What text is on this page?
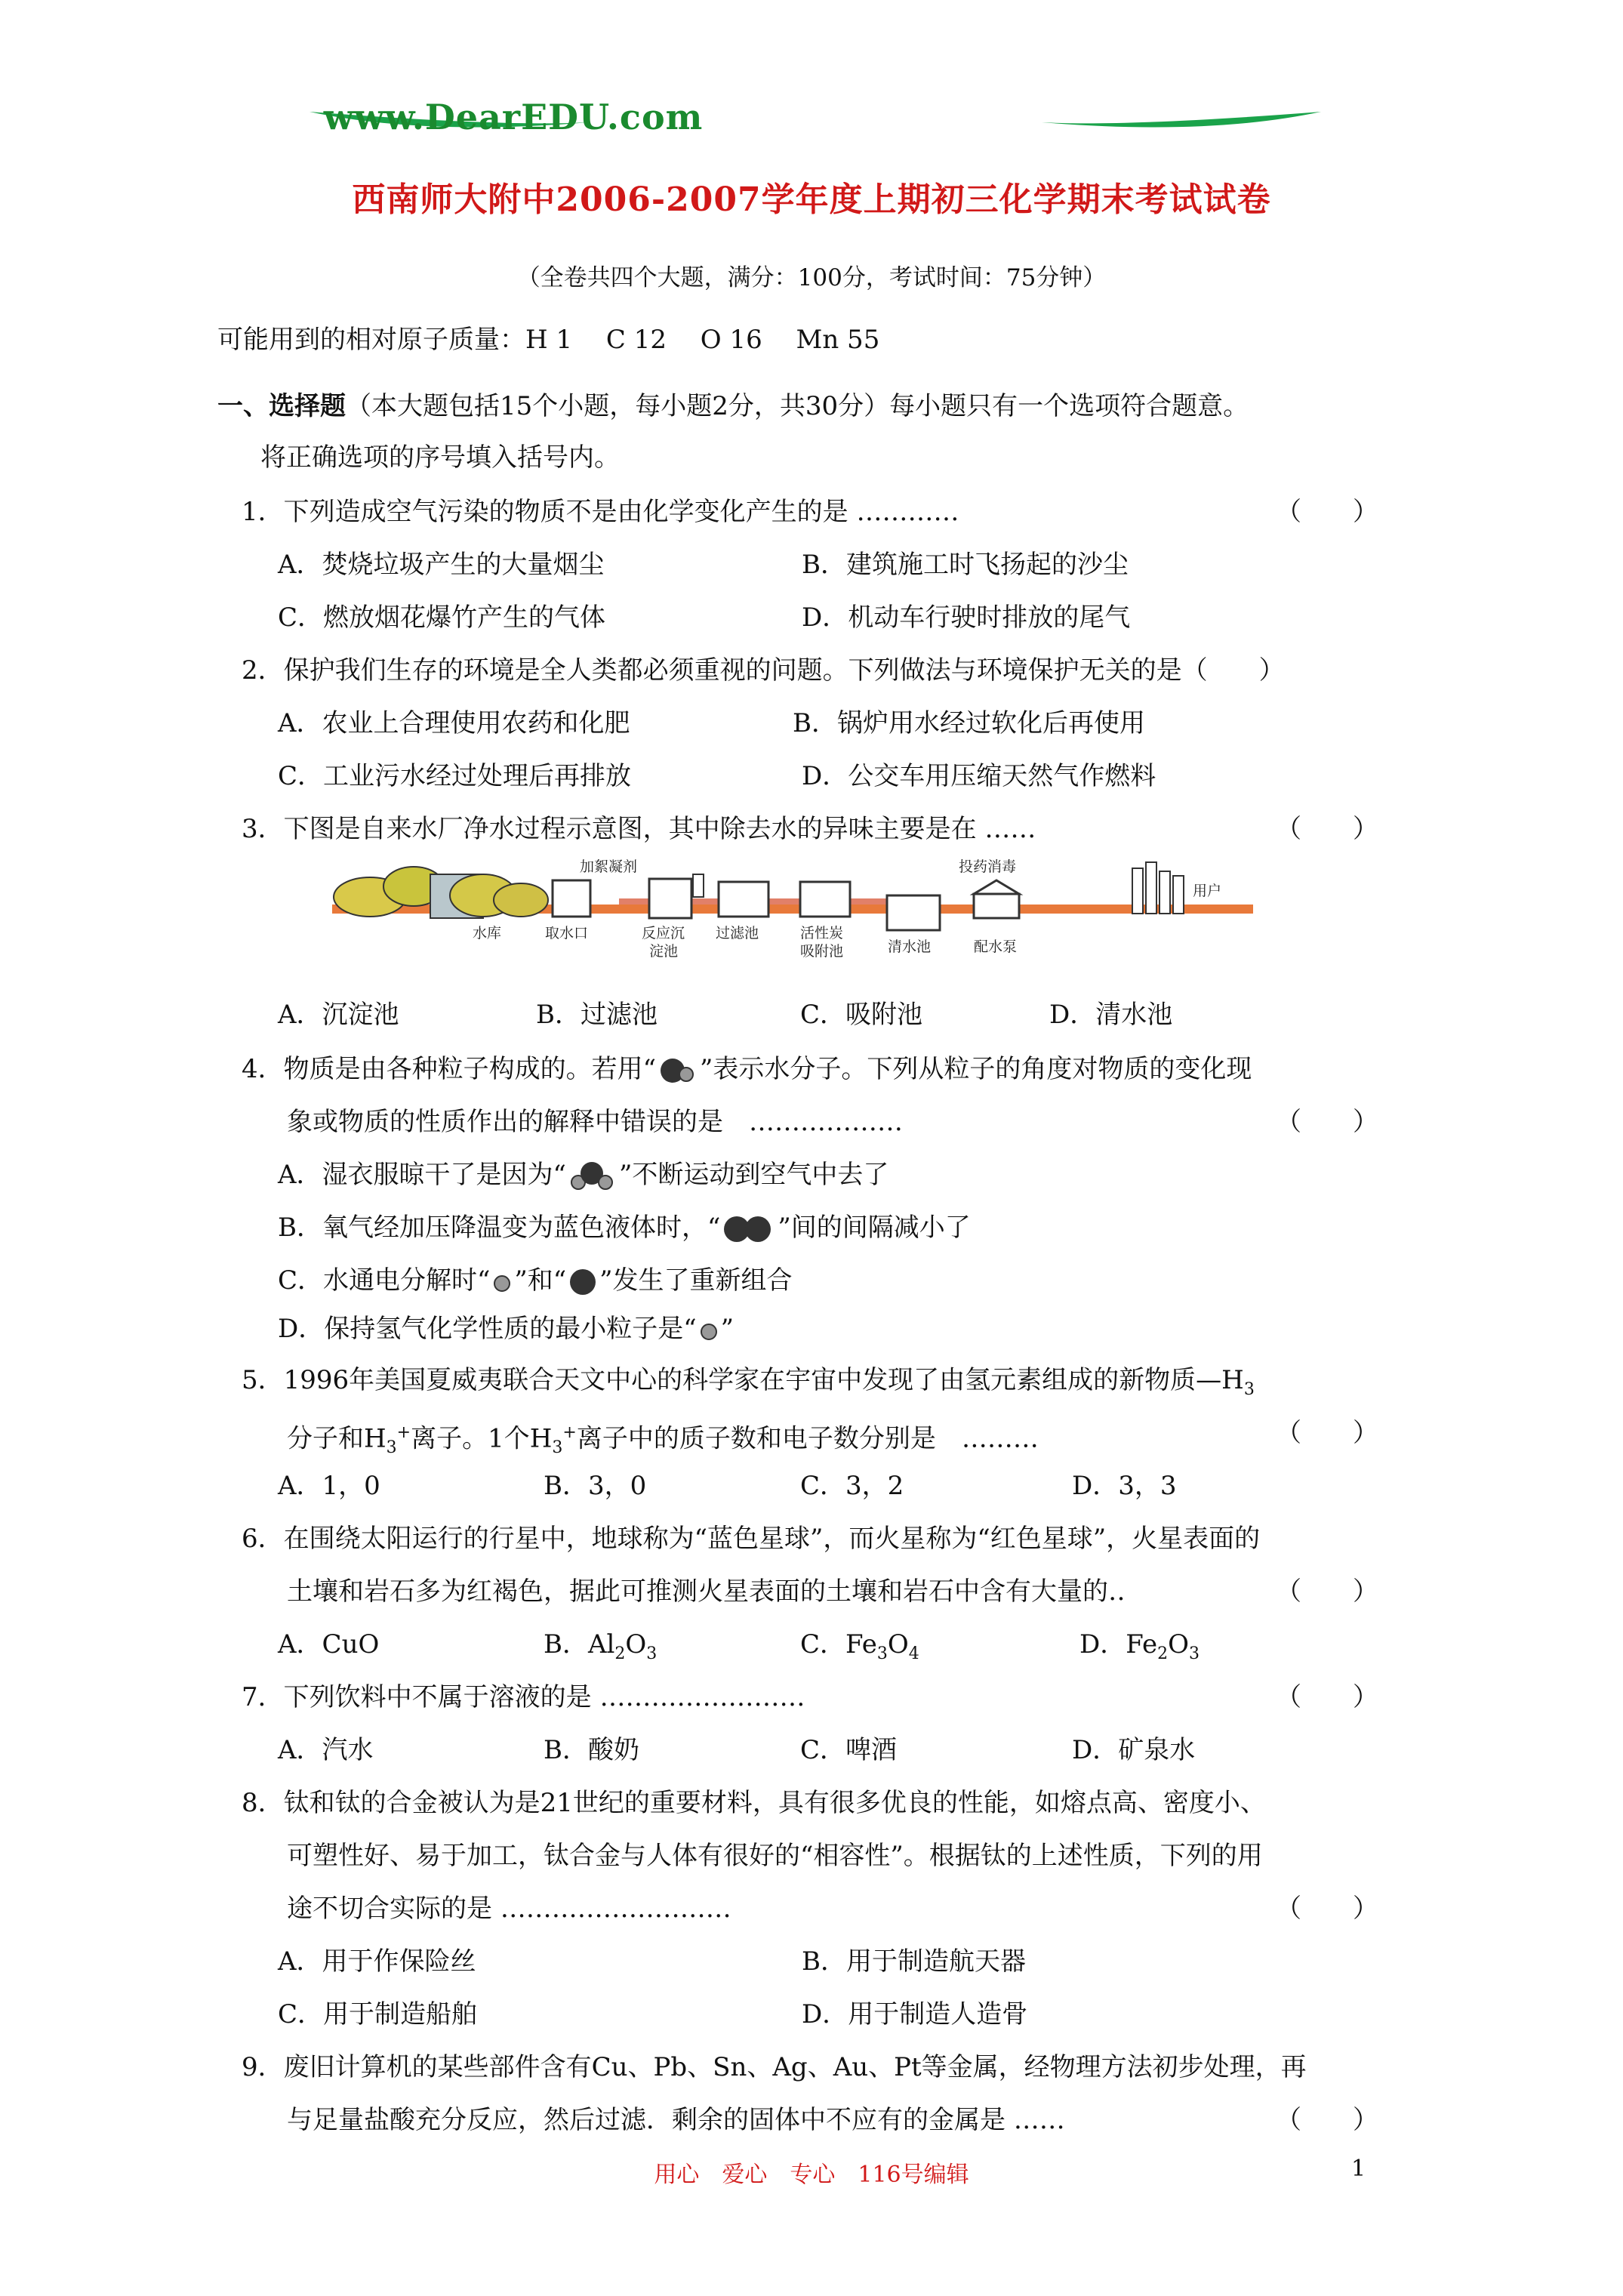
www.DearEDU.com
西南师大附中2006-2007学年度上期初三化学期末考试试卷
（全卷共四个大题，满分：100分，考试时间：75分钟）
可能用到的相对原子质量：H 1　 C 12　 O 16　 Mn 55
一、选择题（本大题包括15个小题，每小题2分，共30分）每小题只有一个选项符合题意。
将正确选项的序号填入括号内。
1．下列造成空气污染的物质不是由化学变化产生的是 …………	（　　）
A．焚烧垃圾产生的大量烟尘	B．建筑施工时飞扬起的沙尘
C．燃放烟花爆竹产生的气体	D．机动车行驶时排放的尾气
2．保护我们生存的环境是全人类都必须重视的问题。下列做法与环境保护无关的是（　　）
A．农业上合理使用农药和化肥	B．锅炉用水经过软化后再使用
C．工业污水经过处理后再排放	D．公交车用压缩天然气作燃料
3．下图是自来水厂净水过程示意图，其中除去水的异味主要是在 ……	（　　）
加絮凝剂	投药消毒
用户
水库	取水口	反应沉
淀池
过滤池	活性炭
吸附池	清水池	配水泵
A．沉淀池	B．过滤池	C．吸附池	D．清水池
4．物质是由各种粒子构成的。若用“ ”表示水分子。下列从粒子的角度对物质的变化现
象或物质的性质作出的解释中错误的是　………………	（　　）
A．湿衣服晾干了是因为“ ”不断运动到空气中去了
B．氧气经加压降温变为蓝色液体时，“ ”间的间隔减小了
C．水通电分解时“ ”和“ ”发生了重新组合
D．保持氢气化学性质的最小粒子是“ ”
5．1996年美国夏威夷联合天文中心的科学家在宇宙中发现了由氢元素组成的新物质$—H_3$
分子和$H_3^+$离子。1个$H_3^+$离子中的质子数和电子数分别是　………	（　　）
A．1，0	B．3，0	C．3，2	D．3，3
6．在围绕太阳运行的行星中，地球称为“蓝色星球”，而火星称为“红色星球”，火星表面的
土壤和岩石多为红褐色，据此可推测火星表面的土壤和岩石中含有大量的‥	（　　）
A．CuO	B．$Al_2O_3$	C．$Fe_3O_4$	D．$Fe_2O_3$
7．下列饮料中不属于溶液的是 ……………………	（　　）
A．汽水	B．酸奶	C．啤酒	D．矿泉水
8．钛和钛的合金被认为是21世纪的重要材料，具有很多优良的性能，如熔点高、密度小、
可塑性好、易于加工，钛合金与人体有很好的“相容性”。根据钛的上述性质，下列的用
途不切合实际的是 ………………………	（　　）
A．用于作保险丝	B．用于制造航天器
C．用于制造船舶	D．用于制造人造骨
9．废旧计算机的某些部件含有Cu、Pb、Sn、Ag、Au、Pt等金属，经物理方法初步处理，再
与足量盐酸充分反应，然后过滤．剩余的固体中不应有的金属是 ……	（　　）
用心　爱心　专心　116号编辑	1
